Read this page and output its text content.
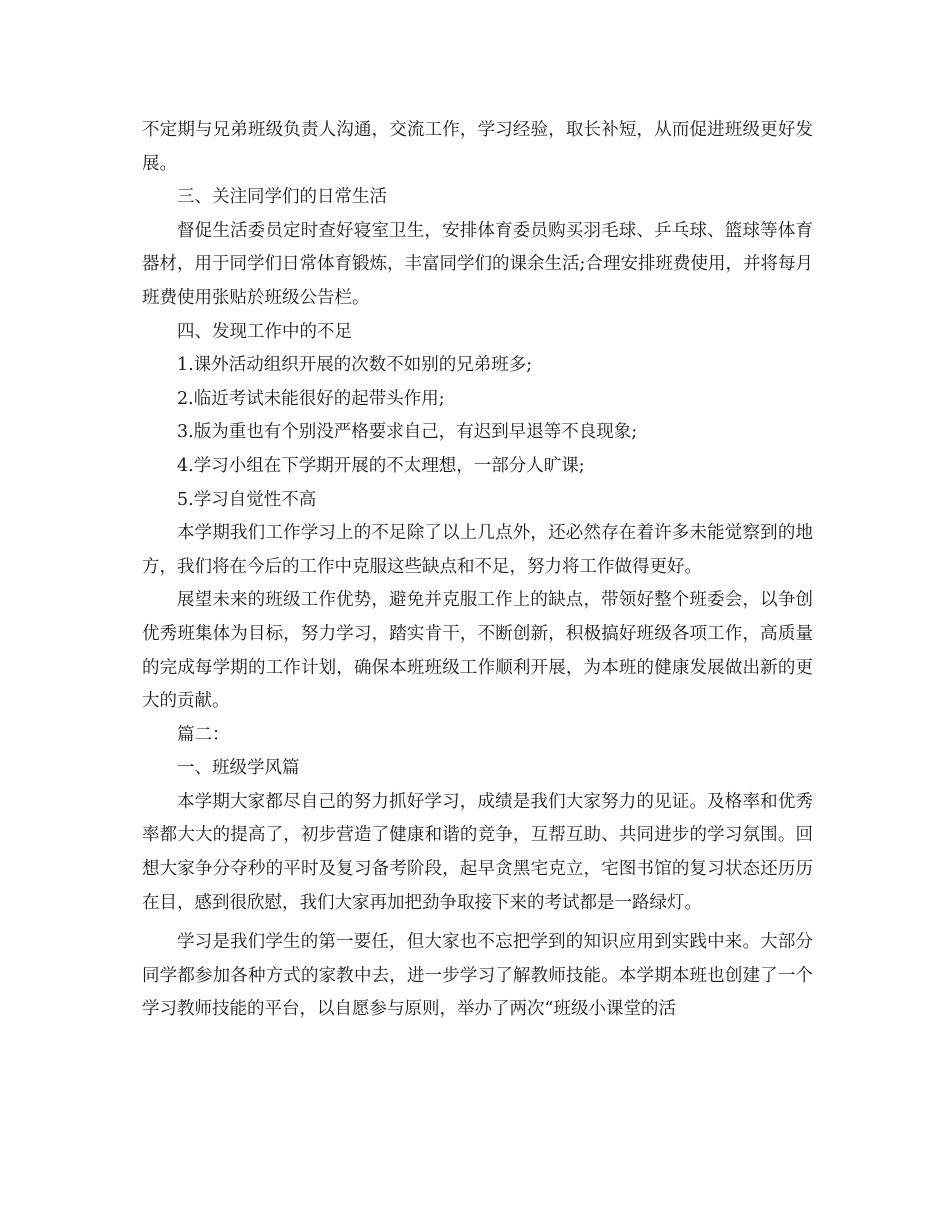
不定期与兄弟班级负责人沟通，交流工作，学习经验，取长补短，从而促进班级更好发展。

三、关注同学们的日常生活

督促生活委员定时查好寝室卫生，安排体育委员购买羽毛球、乒乓球、篮球等体育器材，用于同学们日常体育锻炼，丰富同学们的课余生活;合理安排班费使用，并将每月班费使用张贴於班级公告栏。

四、发现工作中的不足

1.课外活动组织开展的次数不如别的兄弟班多;

2.临近考试未能很好的起带头作用;

3.版为重也有个别没严格要求自己，有迟到早退等不良现象;

4.学习小组在下学期开展的不太理想，一部分人旷课;

5.学习自觉性不高

本学期我们工作学习上的不足除了以上几点外，还必然存在着许多未能觉察到的地方，我们将在今后的工作中克服这些缺点和不足，努力将工作做得更好。

展望未来的班级工作优势，避免并克服工作上的缺点，带领好整个班委会，以争创优秀班集体为目标，努力学习，踏实肯干，不断创新，积极搞好班级各项工作，高质量的完成每学期的工作计划，确保本班班级工作顺利开展，为本班的健康发展做出新的更大的贡献。

篇二：

一、班级学风篇

本学期大家都尽自己的努力抓好学习，成绩是我们大家努力的见证。及格率和优秀率都大大的提高了，初步营造了健康和谐的竞争，互帮互助、共同进步的学习氛围。回想大家争分夺秒的平时及复习备考阶段，起早贪黑宅克立，宅图书馆的复习状态还历历在目，感到很欣慰，我们大家再加把劲争取接下来的考试都是一路绿灯。

学习是我们学生的第一要任，但大家也不忘把学到的知识应用到实践中来。大部分同学都参加各种方式的家教中去，进一步学习了解教师技能。本学期本班也创建了一个学习教师技能的平台，以自愿参与原则，举办了两次“班级小课堂的活
